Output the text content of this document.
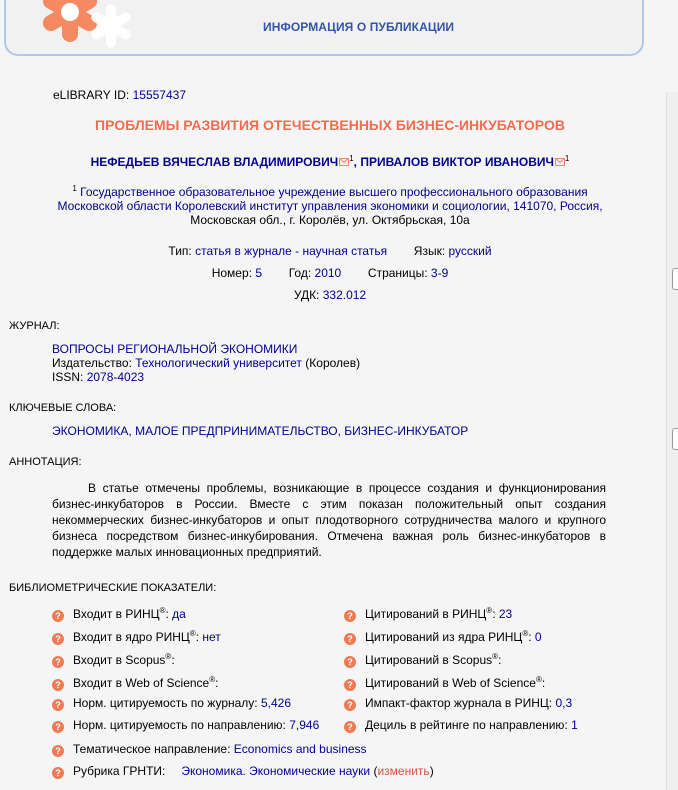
ИНФОРМАЦИЯ О ПУБЛИКАЦИИ
eLIBRARY ID: 15557437
ПРОБЛЕМЫ РАЗВИТИЯ ОТЕЧЕСТВЕННЫХ БИЗНЕС-ИНКУБАТОРОВ
НЕФЕДЬЕВ ВЯЧЕСЛАВ ВЛАДИМИРОВИЧ $^1$, ПРИВАЛОВ ВИКТОР ИВАНОВИЧ $^1$
$^1$ Государственное образовательное учреждение высшего профессионального образования
Московской области Королевский институт управления экономики и социологии, 141070, Россия,
Московская обл., г. Королёв, ул. Октябрьская, 10а
Тип: статья в журнале - научная статья Язык: русский
Номер: 5 Год: 2010 Страницы: 3-9
УДК: 332.012
ЖУРНАЛ:
ВОПРОСЫ РЕГИОНАЛЬНОЙ ЭКОНОМИКИ
Издательство: Технологический университет (Королев)
ISSN: 2078-4023
КЛЮЧЕВЫЕ СЛОВА:
ЭКОНОМИКА, МАЛОЕ ПРЕДПРИНИМАТЕЛЬСТВО, БИЗНЕС-ИНКУБАТОР
АННОТАЦИЯ:
В статье отмечены проблемы, возникающие в процессе создания и функционирования бизнес-инкубаторов в России. Вместе с этим показан положительный опыт создания некоммерческих бизнес-инкубаторов и опыт плодотворного сотрудничества малого и крупного бизнеса посредством бизнес-инкубирования. Отмечена важная роль бизнес-инкубаторов в поддержке малых инновационных предприятий.
БИБЛИОМЕТРИЧЕСКИЕ ПОКАЗАТЕЛИ:
? Входит в РИНЦ®: да
? Входит в ядро РИНЦ®: нет
? Входит в Scopus®:
? Входит в Web of Science®:
? Норм. цитируемость по журналу: 5,426
? Норм. цитируемость по направлению: 7,946
? Цитирований в РИНЦ®: 23
? Цитирований из ядра РИНЦ®: 0
? Цитирований в Scopus®:
? Цитирований в Web of Science®:
? Импакт-фактор журнала в РИНЦ: 0,3
? Дециль в рейтинге по направлению: 1
? Тематическое направление: Economics and business
? Рубрика ГРНТИ: Экономика. Экономические науки (изменить)
